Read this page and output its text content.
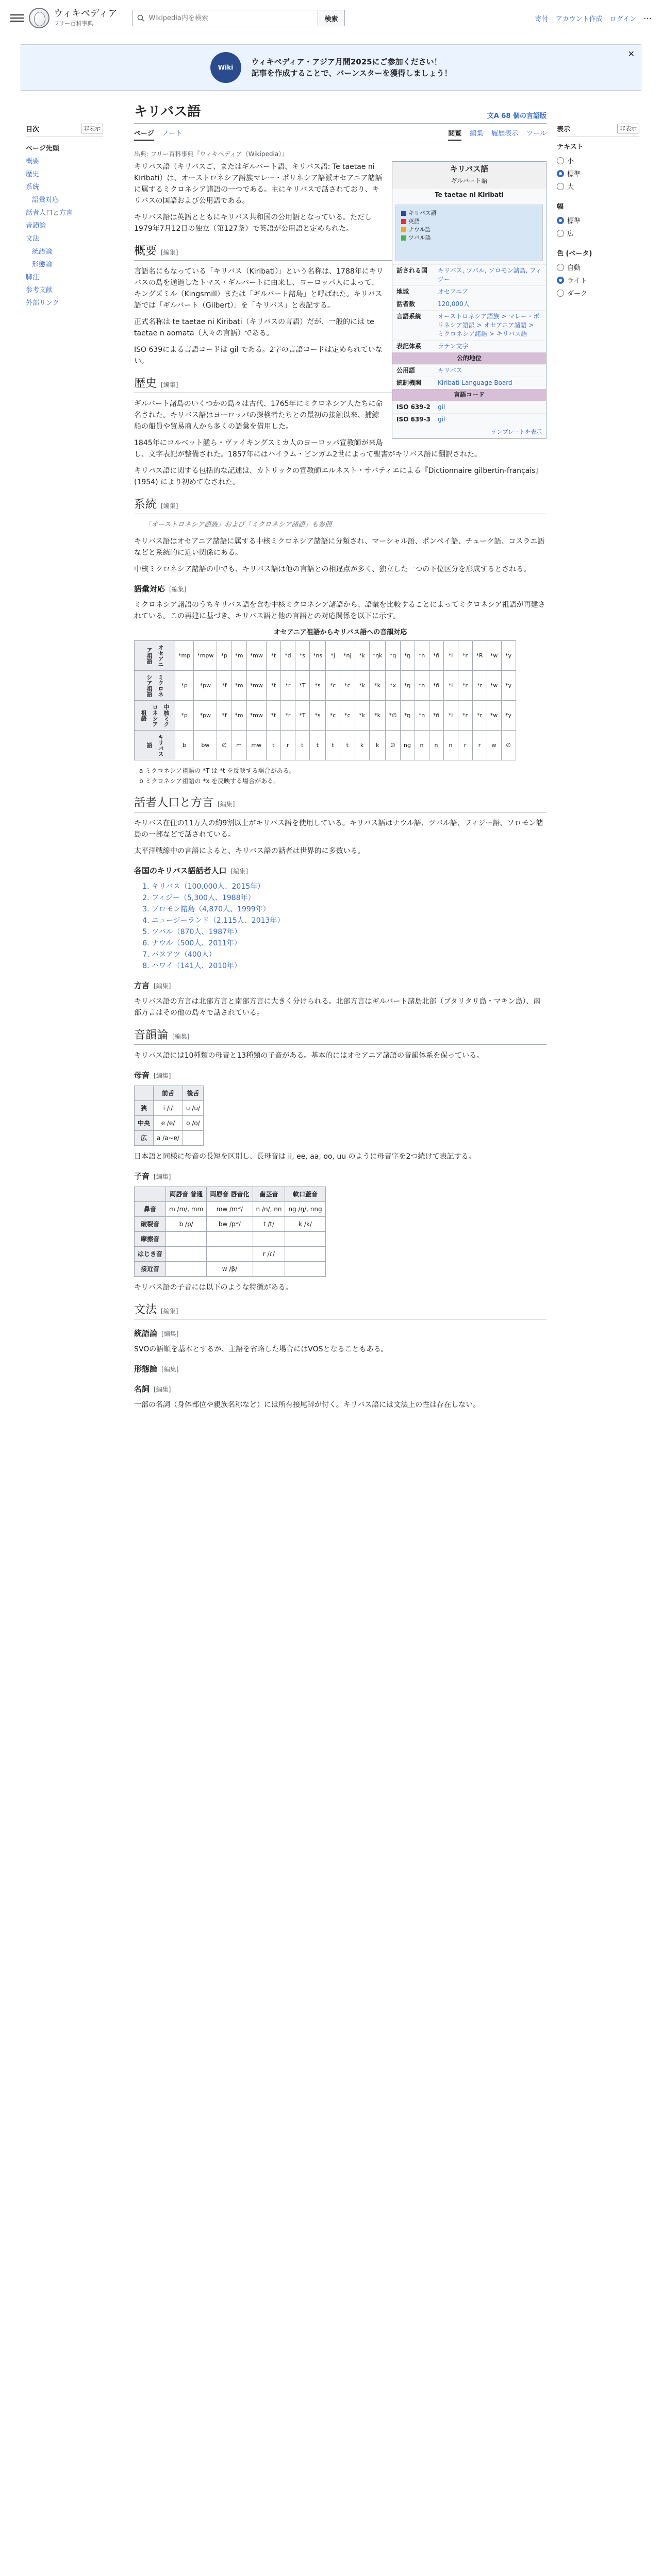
ウィキペディア
フリー百科事典
Wikipedia内を検索
検索	寄付 アカウント作成 ログイン ⋯
Wiki
ウィキペディア・アジア月間2025にご参加ください！
記事を作成することで、バーンスターを獲得しましょう！
✕
目次	非表示
ページ先頭
概要
歴史
系統
語彙対応
話者人口と方言
音韻論
文法
統語論
形態論
脚注
参考文献
外部リンク
表示	非表示
テキスト
小
標準
大
幅
標準
広
色 (ベータ)
自動
ライト
ダーク
キリバス語	文A 68 個の言語版
ページ ノート	閲覧 編集 履歴表示 ツール
出典: フリー百科事典『ウィキペディア（Wikipedia）』
キリバス語
ギルバート語
Te taetae ni Kiribati
キリバス語
英語
ナウル語
ツバル語
話される国	キリバス, ツバル, ソロモン諸島, フィジー
地域	オセアニア
話者数	120,000人
言語系統	オーストロネシア語族 > マレー・ポリネシア語派 > オセアニア諸語 > ミクロネシア諸語 > キリバス語
表記体系	ラテン文字
公的地位
公用語	キリバス
統制機関	Kiribati Language Board
言語コード
ISO 639-2	gil
ISO 639-3	gil
テンプレートを表示

キリバス語（キリバスご、またはギルバート語、キリバス語: Te taetae ni Kiribati）は、オーストロネシア語族マレー・ポリネシア語派オセアニア諸語に属するミクロネシア諸語の一つである。主にキリバスで話されており、キリバスの国語および公用語である。

キリバス語は英語とともにキリバス共和国の公用語となっている。ただし1979年7月12日の独立（第127条）で英語が公用語と定められた。

概要 [編集]

言語名にもなっている「キリバス（Kiribati）」という名称は、1788年にキリバスの島を通過したトマス・ギルバートに由来し、ヨーロッパ人によって、キングズミル（Kingsmill）または「ギルバート諸島」と呼ばれた。キリバス語では「ギルバート（Gilbert）」を「キリバス」と表記する。

正式名称は te taetae ni Kiribati（キリバスの言語）だが、一般的には te taetae n aomata（人々の言語）である。

ISO 639による言語コードは gil である。2字の言語コードは定められていない。

歴史 [編集]

ギルバート諸島のいくつかの島々は古代、1765年にミクロネシア人たちに命名された。キリバス語はヨーロッパの探検者たちとの最初の接触以来、捕鯨船の船員や貿易商人から多くの語彙を借用した。

1845年にコルベット艦ら・ヴァイキングスミカ人のヨーロッパ宣教師が来島し、文字表記が整備された。1857年にはハイラム・ビンガム2世によって聖書がキリバス語に翻訳された。

キリバス語に関する包括的な記述は、カトリックの宣教師エルネスト・サバティエによる『Dictionnaire gilbertin-français』(1954) により初めてなされた。

系統 [編集]
「オーストロネシア語族」および「ミクロネシア諸語」も参照

キリバス語はオセアニア諸語に属する中核ミクロネシア諸語に分類され、マーシャル語、ポンペイ語、チューク語、コスラエ語などと系統的に近い関係にある。

中核ミクロネシア諸語の中でも、キリバス語は他の言語との相違点が多く、独立した一つの下位区分を形成するとされる。

語彙対応 [編集]

ミクロネシア諸語のうちキリバス語を含む中核ミクロネシア諸語から、語彙を比較することによってミクロネシア祖語が再建されている。この再建に基づき、キリバス語と他の言語との対応関係を以下に示す。

オセアニア祖語からキリバス語への音韻対応
オセアニア祖語	*mp	*mpw	*p	*m	*mw	*t	*d	*s	*ns	*j	*nj	*k	*ŋk	*q	*ŋ	*n	*ñ	*l	*r	*R	*w	*y
ミクロネシア祖語	*p	*pw	*f	*m	*mw	*t	*r	*T	*s	*c	*c	*k	*k	*x	*ŋ	*n	*ñ	*l	*r	*r	*w	*y
中核ミクロネシア祖語	*p	*pw	*f	*m	*mw	*t	*r	*T	*s	*c	*c	*k	*k	*∅	*ŋ	*n	*ñ	*l	*r	*r	*w	*y
キリバス語	b	bw	∅	m	mw	t	r	t	t	t	t	k	k	∅	ng	n	n	n	r	r	w	∅
a ミクロネシア祖語の *T は *t を反映する場合がある。
b ミクロネシア祖語の *x を反映する場合がある。
話者人口と方言 [編集]

キリバス在住の11万人の約9割以上がキリバス語を使用している。キリバス語はナウル語、ツバル語、フィジー語、ソロモン諸島の一部などで話されている。

太平洋戦線中の言語によると、キリバス語の話者は世界的に多数いる。

各国のキリバス語話者人口 [編集]
1. キリバス（100,000人、2015年）
2. フィジー（5,300人、1988年）
3. ソロモン諸島（4,870人、1999年）
4. ニュージーランド（2,115人、2013年）
5. ツバル（870人、1987年）
6. ナウル（500人、2011年）
7. バヌアツ（400人）
8. ハワイ（141人、2010年）
方言 [編集]

キリバス語の方言は北部方言と南部方言に大きく分けられる。北部方言はギルバート諸島北部（ブタリタリ島・マキン島）、南部方言はその他の島々で話されている。

音韻論 [編集]

キリバス語には10種類の母音と13種類の子音がある。基本的にはオセアニア諸語の音韻体系を保っている。

母音 [編集]
	前舌	後舌
狭	i /i/	u /u/
中央	e /e/	o /o/
広	a /a~ɐ/	

日本語と同様に母音の長短を区別し、長母音は ii, ee, aa, oo, uu のように母音字を2つ続けて表記する。

子音 [編集]
	両唇音 普通	両唇音 唇音化	歯茎音	軟口蓋音
鼻音	m /m/, mm	mw /mʷ/	n /n/, nn	ng /ŋ/, nng
破裂音	b /p/	bw /pʷ/	t /t/	k /k/
摩擦音				
はじき音			r /ɾ/	
接近音		w /β/		

キリバス語の子音には以下のような特徴がある。

文法 [編集]
統語論 [編集]

SVOの語順を基本とするが、主語を省略した場合にはVOSとなることもある。

形態論 [編集]
名詞 [編集]

一部の名詞（身体部位や親族名称など）には所有接尾辞が付く。キリバス語には文法上の性は存在しない。
